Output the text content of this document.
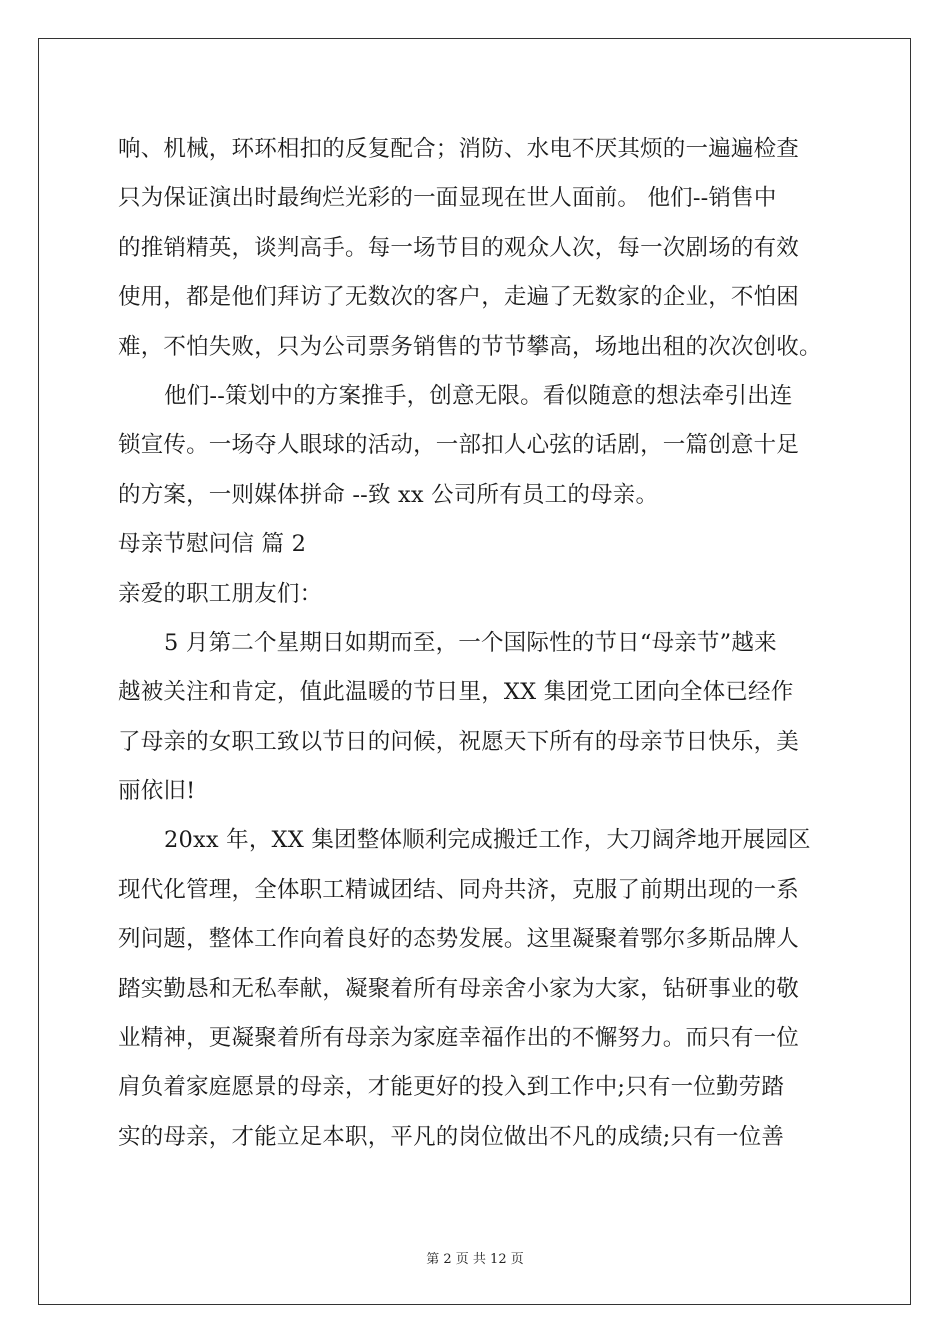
响、机械，环环相扣的反复配合；消防、水电不厌其烦的一遍遍检查
只为保证演出时最绚烂光彩的一面显现在世人面前。 他们--销售中
的推销精英，谈判高手。每一场节目的观众人次，每一次剧场的有效
使用，都是他们拜访了无数次的客户，走遍了无数家的企业，不怕困
难，不怕失败，只为公司票务销售的节节攀高，场地出租的次次创收。
他们--策划中的方案推手，创意无限。看似随意的想法牵引出连
锁宣传。一场夺人眼球的活动，一部扣人心弦的话剧，一篇创意十足
的方案，一则媒体拼命 --致 xx 公司所有员工的母亲。
母亲节慰问信 篇 2
亲爱的职工朋友们：
5 月第二个星期日如期而至，一个国际性的节日“母亲节”越来
越被关注和肯定，值此温暖的节日里，XX 集团党工团向全体已经作
了母亲的女职工致以节日的问候，祝愿天下所有的母亲节日快乐，美
丽依旧!
20xx 年，XX 集团整体顺利完成搬迁工作，大刀阔斧地开展园区
现代化管理，全体职工精诚团结、同舟共济，克服了前期出现的一系
列问题，整体工作向着良好的态势发展。这里凝聚着鄂尔多斯品牌人
踏实勤恳和无私奉献，凝聚着所有母亲舍小家为大家，钻研事业的敬
业精神，更凝聚着所有母亲为家庭幸福作出的不懈努力。而只有一位
肩负着家庭愿景的母亲，才能更好的投入到工作中;只有一位勤劳踏
实的母亲，才能立足本职，平凡的岗位做出不凡的成绩;只有一位善
第 2 页 共 12 页
